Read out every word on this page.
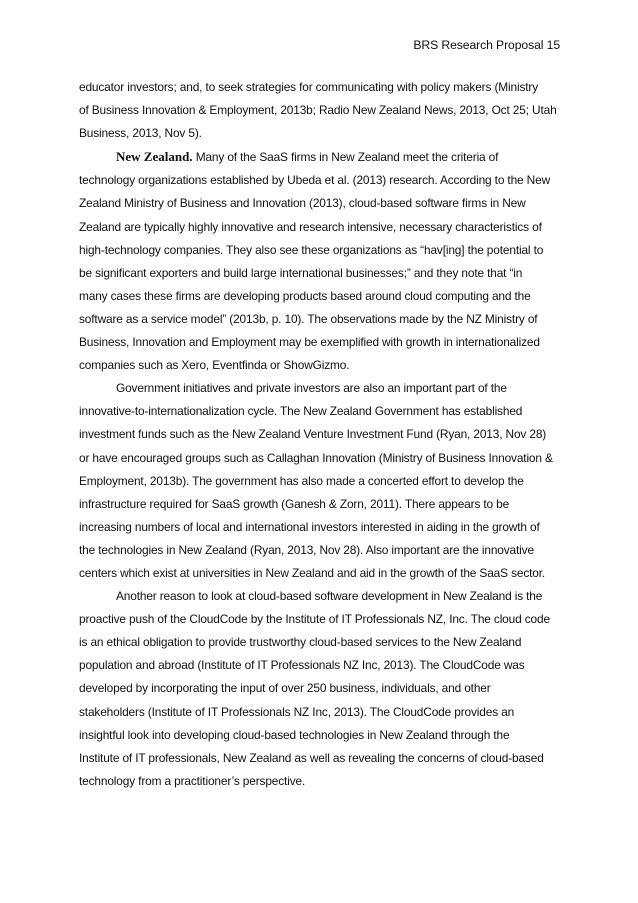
BRS Research Proposal 15
educator investors; and, to seek strategies for communicating with policy makers (Ministry
of Business Innovation & Employment, 2013b; Radio New Zealand News, 2013, Oct 25; Utah
Business, 2013, Nov 5).
New Zealand. Many of the SaaS firms in New Zealand meet the criteria of
technology organizations established by Ubeda et al. (2013) research. According to the New
Zealand Ministry of Business and Innovation (2013), cloud-based software firms in New
Zealand are typically highly innovative and research intensive, necessary characteristics of
high-technology companies. They also see these organizations as “hav[ing] the potential to
be significant exporters and build large international businesses;” and they note that “in
many cases these firms are developing products based around cloud computing and the
software as a service model” (2013b, p. 10). The observations made by the NZ Ministry of
Business, Innovation and Employment may be exemplified with growth in internationalized
companies such as Xero, Eventfinda or ShowGizmo.
Government initiatives and private investors are also an important part of the
innovative-to-internationalization cycle. The New Zealand Government has established
investment funds such as the New Zealand Venture Investment Fund (Ryan, 2013, Nov 28)
or have encouraged groups such as Callaghan Innovation (Ministry of Business Innovation &
Employment, 2013b). The government has also made a concerted effort to develop the
infrastructure required for SaaS growth (Ganesh & Zorn, 2011). There appears to be
increasing numbers of local and international investors interested in aiding in the growth of
the technologies in New Zealand (Ryan, 2013, Nov 28). Also important are the innovative
centers which exist at universities in New Zealand and aid in the growth of the SaaS sector.
Another reason to look at cloud-based software development in New Zealand is the
proactive push of the CloudCode by the Institute of IT Professionals NZ, Inc. The cloud code
is an ethical obligation to provide trustworthy cloud-based services to the New Zealand
population and abroad (Institute of IT Professionals NZ Inc, 2013). The CloudCode was
developed by incorporating the input of over 250 business, individuals, and other
stakeholders (Institute of IT Professionals NZ Inc, 2013). The CloudCode provides an
insightful look into developing cloud-based technologies in New Zealand through the
Institute of IT professionals, New Zealand as well as revealing the concerns of cloud-based
technology from a practitioner’s perspective.
